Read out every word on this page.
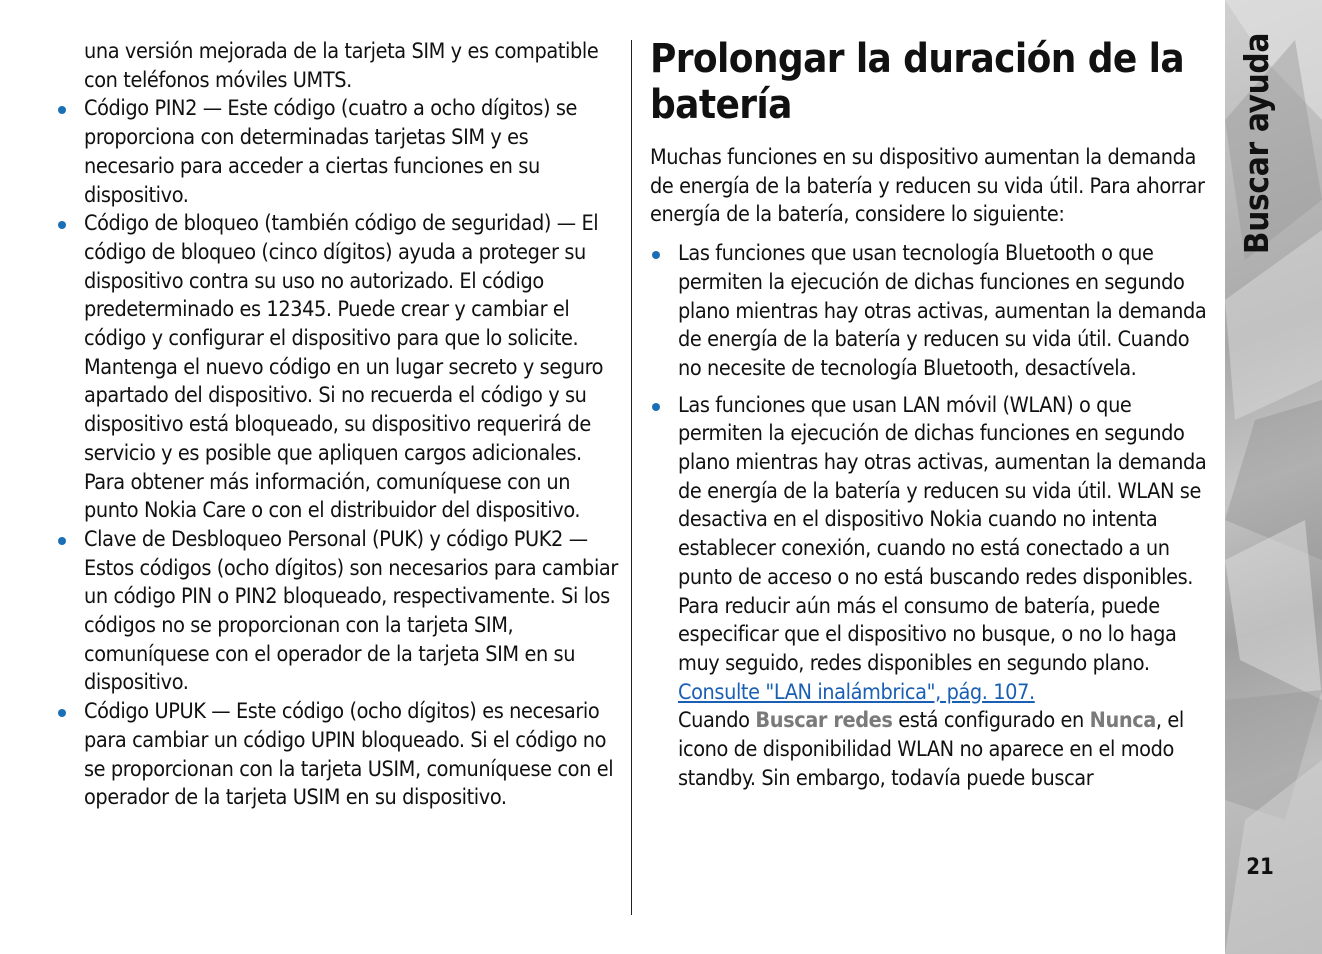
una versión mejorada de la tarjeta SIM y es compatible con teléfonos móviles UMTS.
Código PIN2 — Este código (cuatro a ocho dígitos) se proporciona con determinadas tarjetas SIM y es necesario para acceder a ciertas funciones en su dispositivo.
Código de bloqueo (también código de seguridad) — El código de bloqueo (cinco dígitos) ayuda a proteger su dispositivo contra su uso no autorizado. El código predeterminado es 12345. Puede crear y cambiar el código y configurar el dispositivo para que lo solicite. Mantenga el nuevo código en un lugar secreto y seguro apartado del dispositivo. Si no recuerda el código y su dispositivo está bloqueado, su dispositivo requerirá de servicio y es posible que apliquen cargos adicionales. Para obtener más información, comuníquese con un punto Nokia Care o con el distribuidor del dispositivo.
Clave de Desbloqueo Personal (PUK) y código PUK2 — Estos códigos (ocho dígitos) son necesarios para cambiar un código PIN o PIN2 bloqueado, respectivamente. Si los códigos no se proporcionan con la tarjeta SIM, comuníquese con el operador de la tarjeta SIM en su dispositivo.
Código UPUK — Este código (ocho dígitos) es necesario para cambiar un código UPIN bloqueado. Si el código no se proporcionan con la tarjeta USIM, comuníquese con el operador de la tarjeta USIM en su dispositivo.
Prolongar la duración de la batería

Muchas funciones en su dispositivo aumentan la demanda de energía de la batería y reducen su vida útil. Para ahorrar energía de la batería, considere lo siguiente:

Las funciones que usan tecnología Bluetooth o que permiten la ejecución de dichas funciones en segundo plano mientras hay otras activas, aumentan la demanda de energía de la batería y reducen su vida útil. Cuando no necesite de tecnología Bluetooth, desactívela.
Las funciones que usan LAN móvil (WLAN) o que permiten la ejecución de dichas funciones en segundo plano mientras hay otras activas, aumentan la demanda de energía de la batería y reducen su vida útil. WLAN se desactiva en el dispositivo Nokia cuando no intenta establecer conexión, cuando no está conectado a un punto de acceso o no está buscando redes disponibles. Para reducir aún más el consumo de batería, puede especificar que el dispositivo no busque, o no lo haga muy seguido, redes disponibles en segundo plano. Consulte "LAN inalámbrica", pág. 107.
Cuando Buscar redes está configurado en Nunca, el icono de disponibilidad WLAN no aparece en el modo standby. Sin embargo, todavía puede buscar
Buscar ayuda
21
